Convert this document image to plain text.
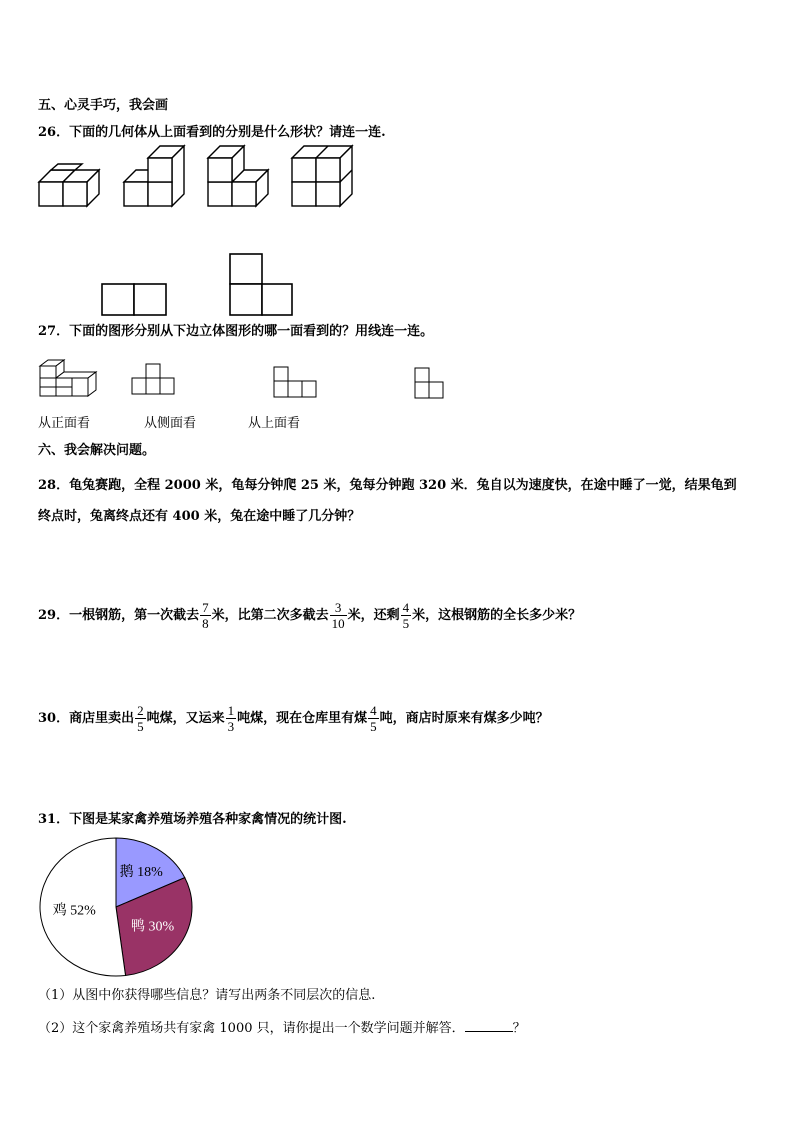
五、心灵手巧，我会画
26．下面的几何体从上面看到的分别是什么形状？请连一连.
27．下面的图形分别从下边立体图形的哪一面看到的？用线连一连。
从正面看	从侧面看	从上面看
六、我会解决问题。
28．龟兔赛跑，全程 2000 米，龟每分钟爬 25 米，兔每分钟跑 320 米．兔自以为速度快，在途中睡了一觉，结果龟到
终点时，兔离终点还有 400 米，兔在途中睡了几分钟？
29．一根钢筋，第一次截去 $\frac{7}{8}$ 米，比第二次多截去 $\frac{3}{10}$ 米，还剩 $\frac{4}{5}$ 米，这根钢筋的全长多少米？
30．商店里卖出 $\frac{2}{5}$ 吨煤，又运来 $\frac{1}{3}$ 吨煤，现在仓库里有煤 $\frac{4}{5}$ 吨，商店时原来有煤多少吨？
31．下图是某家禽养殖场养殖各种家禽情况的统计图.
鹅 18%
鸭 30%
鸡 52%
（1）从图中你获得哪些信息？请写出两条不同层次的信息.
（2）这个家禽养殖场共有家禽 1000 只，请你提出一个数学问题并解答．	？
